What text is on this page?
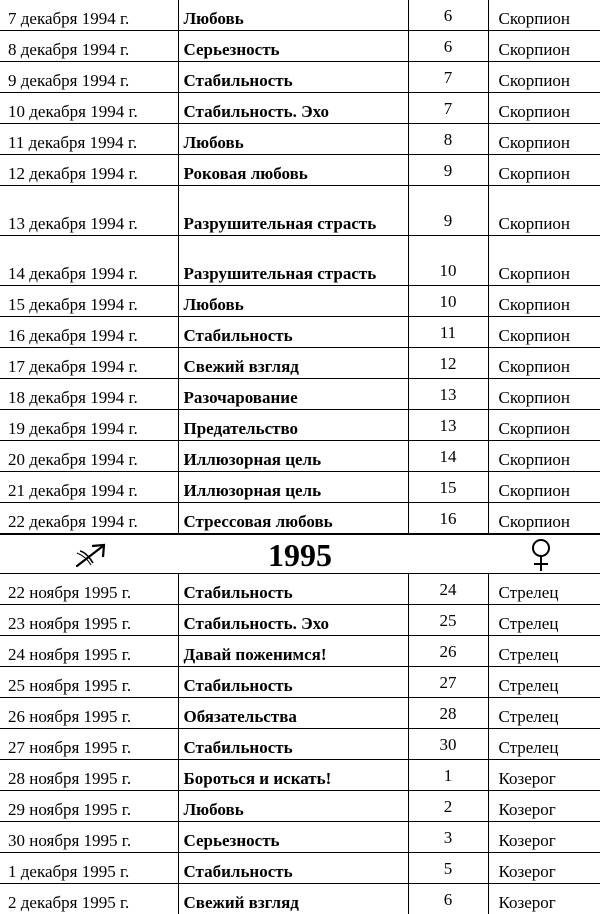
7 декабря 1994 г.	Любовь	6	Скорпион
8 декабря 1994 г.	Серьезность	6	Скорпион
9 декабря 1994 г.	Стабильность	7	Скорпион
10 декабря 1994 г.	Стабильность. Эхо	7	Скорпион
11 декабря 1994 г.	Любовь	8	Скорпион
12 декабря 1994 г.	Роковая любовь	9	Скорпион
13 декабря 1994 г.	Разрушительная страсть	9	Скорпион
14 декабря 1994 г.	Разрушительная страсть	10	Скорпион
15 декабря 1994 г.	Любовь	10	Скорпион
16 декабря 1994 г.	Стабильность	11	Скорпион
17 декабря 1994 г.	Свежий взгляд	12	Скорпион
18 декабря 1994 г.	Разочарование	13	Скорпион
19 декабря 1994 г.	Предательство	13	Скорпион
20 декабря 1994 г.	Иллюзорная цель	14	Скорпион
21 декабря 1994 г.	Иллюзорная цель	15	Скорпион
22 декабря 1994 г.	Стрессовая любовь	16	Скорпион
1995
22 ноября 1995 г.	Стабильность	24	Стрелец
23 ноября 1995 г.	Стабильность. Эхо	25	Стрелец
24 ноября 1995 г.	Давай поженимся!	26	Стрелец
25 ноября 1995 г.	Стабильность	27	Стрелец
26 ноября 1995 г.	Обязательства	28	Стрелец
27 ноября 1995 г.	Стабильность	30	Стрелец
28 ноября 1995 г.	Бороться и искать!	1	Козерог
29 ноября 1995 г.	Любовь	2	Козерог
30 ноября 1995 г.	Серьезность	3	Козерог
1 декабря 1995 г.	Стабильность	5	Козерог
2 декабря 1995 г.	Свежий взгляд	6	Козерог
